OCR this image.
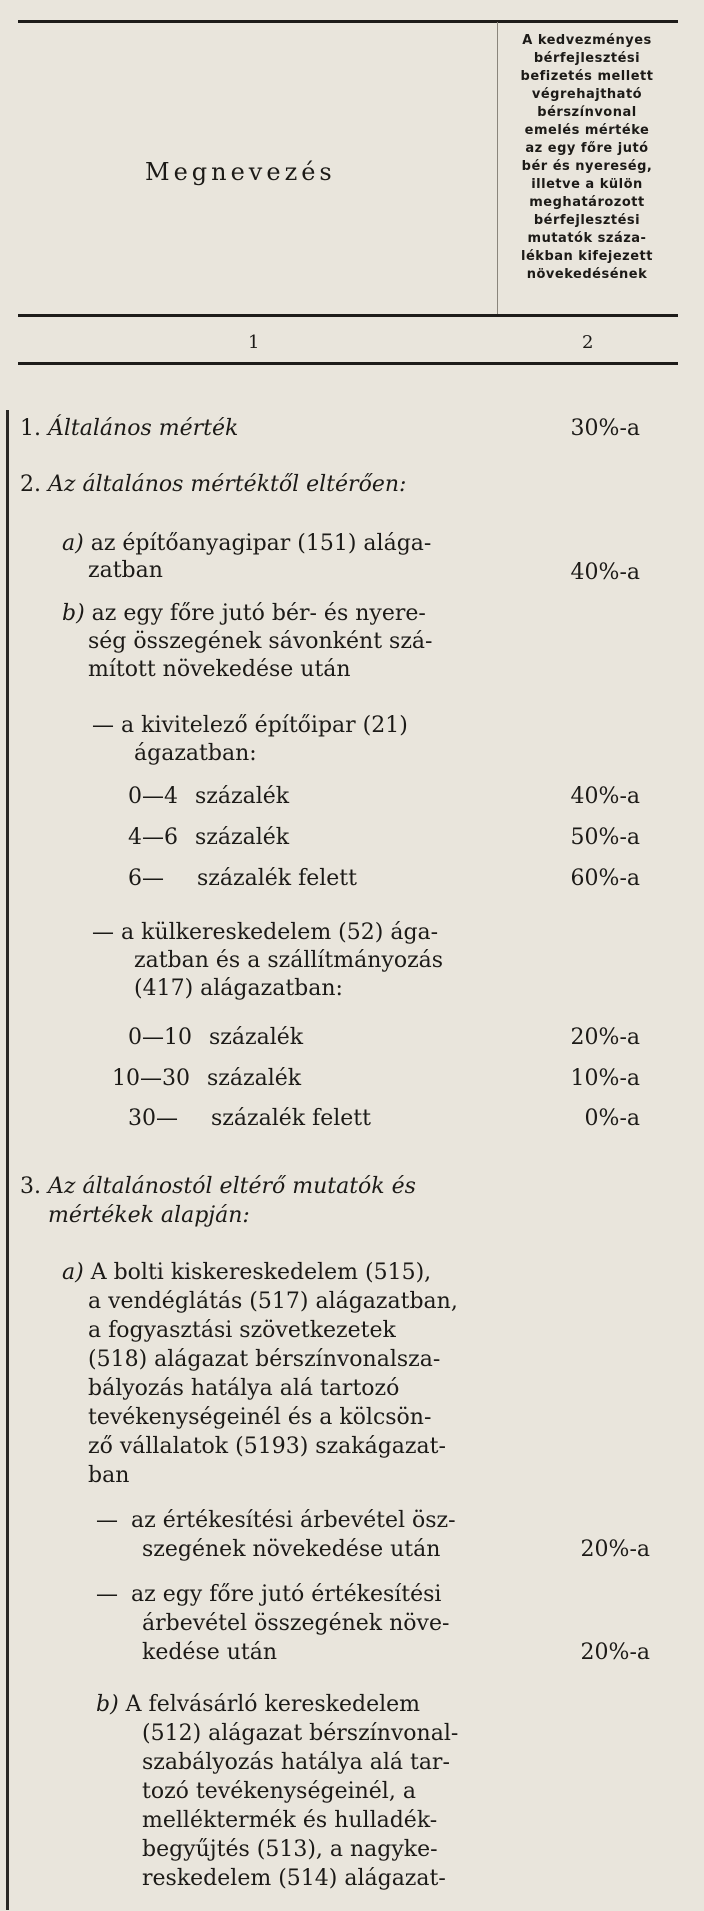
Megnevezés
A kedvezményes
bérfejlesztési
befizetés mellett
végrehajtható
bérszínvonal
emelés mértéke
az egy főre jutó
bér és nyereség,
illetve a külön
meghatározott
bérfejlesztési
mutatók száza-
lékban kifejezett
növekedésének
1	2
1. Általános mérték	30%-a
2. Az általános mértéktől eltérően:
a) az építőanyagipar (151) alága-
zatban	40%-a
b) az egy főre jutó bér- és nyere-
ség összegének sávonként szá-
mított növekedése után
— a kivitelező építőipar (21)
ágazatban:
0—4 százalék	40%-a
4—6 százalék	50%-a
6— százalék felett	60%-a
— a külkereskedelem (52) ága-
zatban és a szállítmányozás
(417) alágazatban:
0—10 százalék	20%-a
10—30 százalék	10%-a
30— százalék felett	0%-a
3. Az általánostól eltérő mutatók és
mértékek alapján:
a) A bolti kiskereskedelem (515),
a vendéglátás (517) alágazatban,
a fogyasztási szövetkezetek
(518) alágazat bérszínvonalsza-
bályozás hatálya alá tartozó
tevékenységeinél és a kölcsön-
ző vállalatok (5193) szakágazat-
ban
— az értékesítési árbevétel ösz-
szegének növekedése után	20%-a
— az egy főre jutó értékesítési
árbevétel összegének növe-
kedése után	20%-a
b) A felvásárló kereskedelem
(512) alágazat bérszínvonal-
szabályozás hatálya alá tar-
tozó tevékenységeinél, a
melléktermék és hulladék-
begyűjtés (513), a nagyke-
reskedelem (514) alágazat-
